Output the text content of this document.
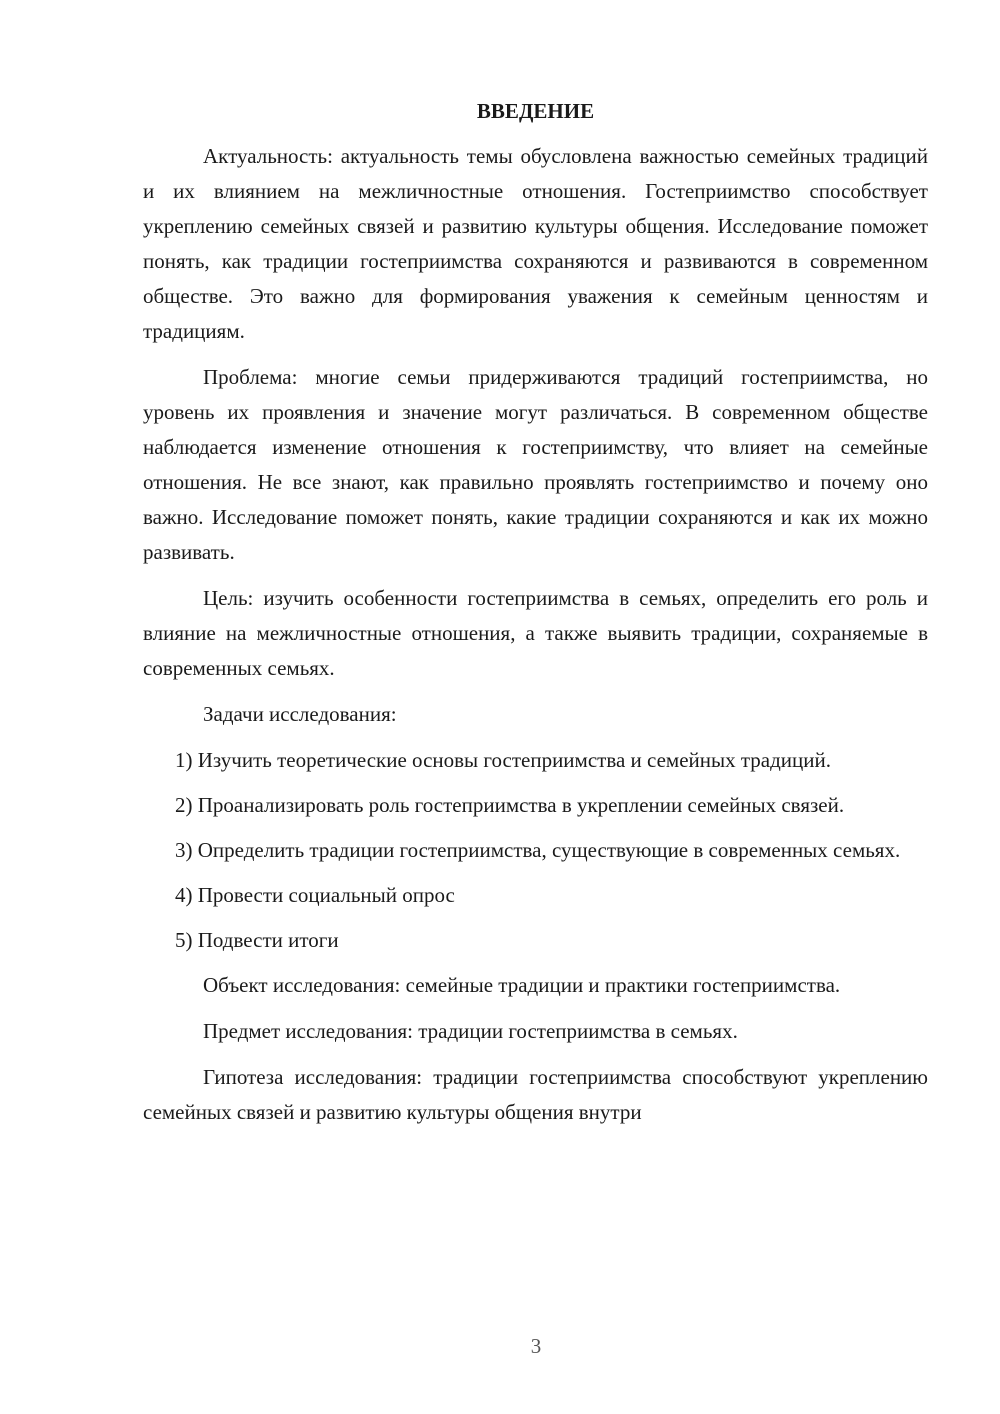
ВВЕДЕНИЕ

Актуальность: актуальность темы обусловлена важностью семейных традиций и их влиянием на межличностные отношения. Гостеприимство способствует укреплению семейных связей и развитию культуры общения. Исследование поможет понять, как традиции гостеприимства сохраняются и развиваются в современном обществе. Это важно для формирования уважения к семейным ценностям и традициям.

Проблема: многие семьи придерживаются традиций гостеприимства, но уровень их проявления и значение могут различаться. В современном обществе наблюдается изменение отношения к гостеприимству, что влияет на семейные отношения. Не все знают, как правильно проявлять гостеприимство и почему оно важно. Исследование поможет понять, какие традиции сохраняются и как их можно развивать.

Цель: изучить особенности гостеприимства в семьях, определить его роль и влияние на межличностные отношения, а также выявить традиции, сохраняемые в современных семьях.

Задачи исследования:

1) Изучить теоретические основы гостеприимства и семейных традиций.

2) Проанализировать роль гостеприимства в укреплении семейных связей.

3) Определить традиции гостеприимства, существующие в современных семьях.

4) Провести социальный опрос

5) Подвести итоги

Объект исследования: семейные традиции и практики гостеприимства.

Предмет исследования: традиции гостеприимства в семьях.

Гипотеза исследования: традиции гостеприимства способствуют укреплению семейных связей и развитию культуры общения внутри

3
